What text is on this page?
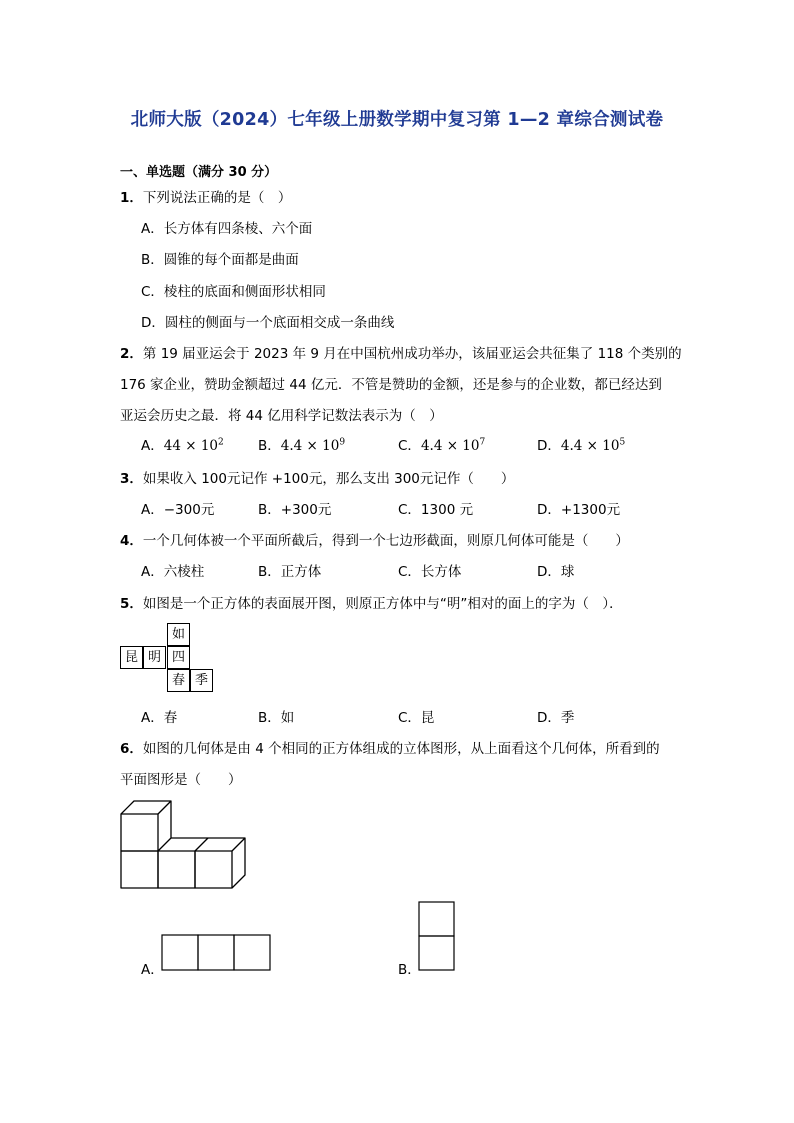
北师大版（2024）七年级上册数学期中复习第 1—2 章综合测试卷
一、单选题（满分 30 分）
1．下列说法正确的是（　）
A．长方体有四条棱、六个面
B．圆锥的每个面都是曲面
C．棱柱的底面和侧面形状相同
D．圆柱的侧面与一个底面相交成一条曲线
2．第 19 届亚运会于 2023 年 9 月在中国杭州成功举办，该届亚运会共征集了 118 个类别的
176 家企业，赞助金额超过 44 亿元．不管是赞助的金额，还是参与的企业数，都已经达到
亚运会历史之最．将 44 亿用科学记数法表示为（　）
A．$44 \times 10^2$	B．$4.4 \times 10^9$	C．$4.4 \times 10^7$	D．$4.4 \times 10^5$
3．如果收入 100元记作 +100元，那么支出 300元记作（　　）
A．−300元	B．+300元	C．1300 元	D．+1300元
4．一个几何体被一个平面所截后，得到一个七边形截面，则原几何体可能是（　　）
A．六棱柱	B．正方体	C．长方体	D．球
5．如图是一个正方体的表面展开图，则原正方体中与“明”相对的面上的字为（　）．
如
昆 明 四
春 季
A．春	B．如	C．昆	D．季
6．如图的几何体是由 4 个相同的正方体组成的立体图形，从上面看这个几何体，所看到的
平面图形是（　　）
A．	B．
